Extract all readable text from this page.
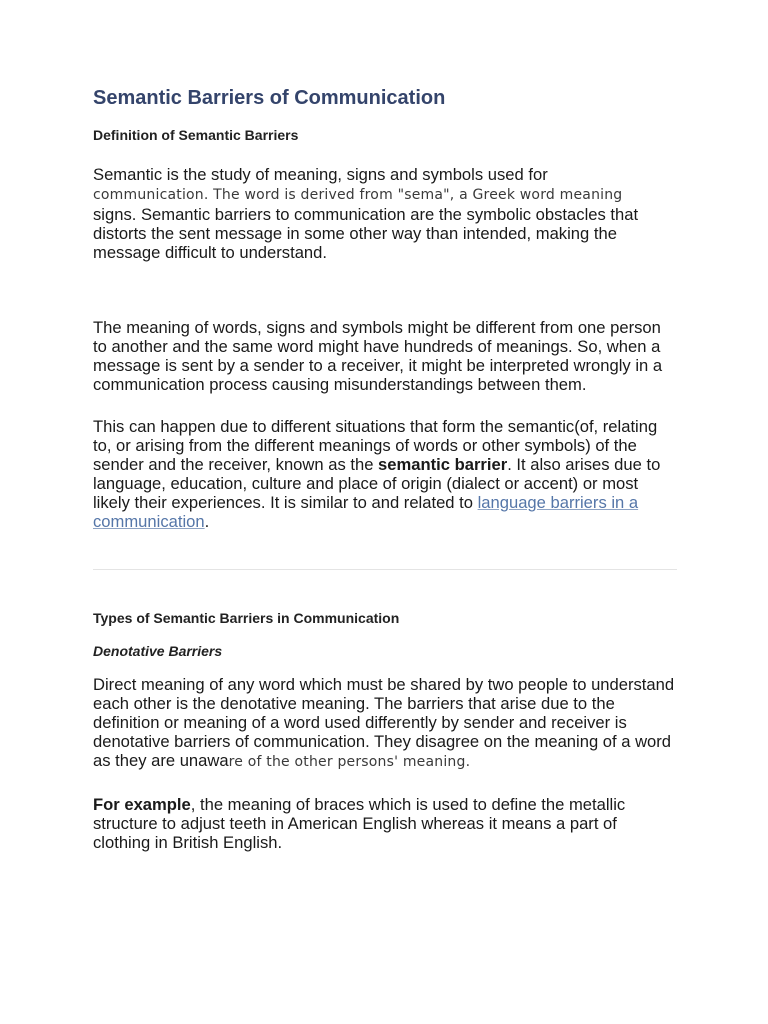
Semantic Barriers of Communication
Definition of Semantic Barriers

Semantic is the study of meaning, signs and symbols used for
communication. The word is derived from "sema", a Greek word meaning
signs. Semantic barriers to communication are the symbolic obstacles that distorts the sent message in some other way than intended, making the message difficult to understand.

The meaning of words, signs and symbols might be different from one person to another and the same word might have hundreds of meanings. So, when a message is sent by a sender to a receiver, it might be interpreted wrongly in a communication process causing misunderstandings between them.

This can happen due to different situations that form the semantic(of, relating to, or arising from the different meanings of words or other symbols) of the sender and the receiver, known as the semantic barrier. It also arises due to language, education, culture and place of origin (dialect or accent) or most likely their experiences. It is similar to and related to language barriers in a communication.

Types of Semantic Barriers in Communication
Denotative Barriers

Direct meaning of any word which must be shared by two people to understand each other is the denotative meaning. The barriers that arise due to the definition or meaning of a word used differently by sender and receiver is denotative barriers of communication. They disagree on the meaning of a word as they are unaware of the other persons' meaning.

For example, the meaning of braces which is used to define the metallic structure to adjust teeth in American English whereas it means a part of clothing in British English.
